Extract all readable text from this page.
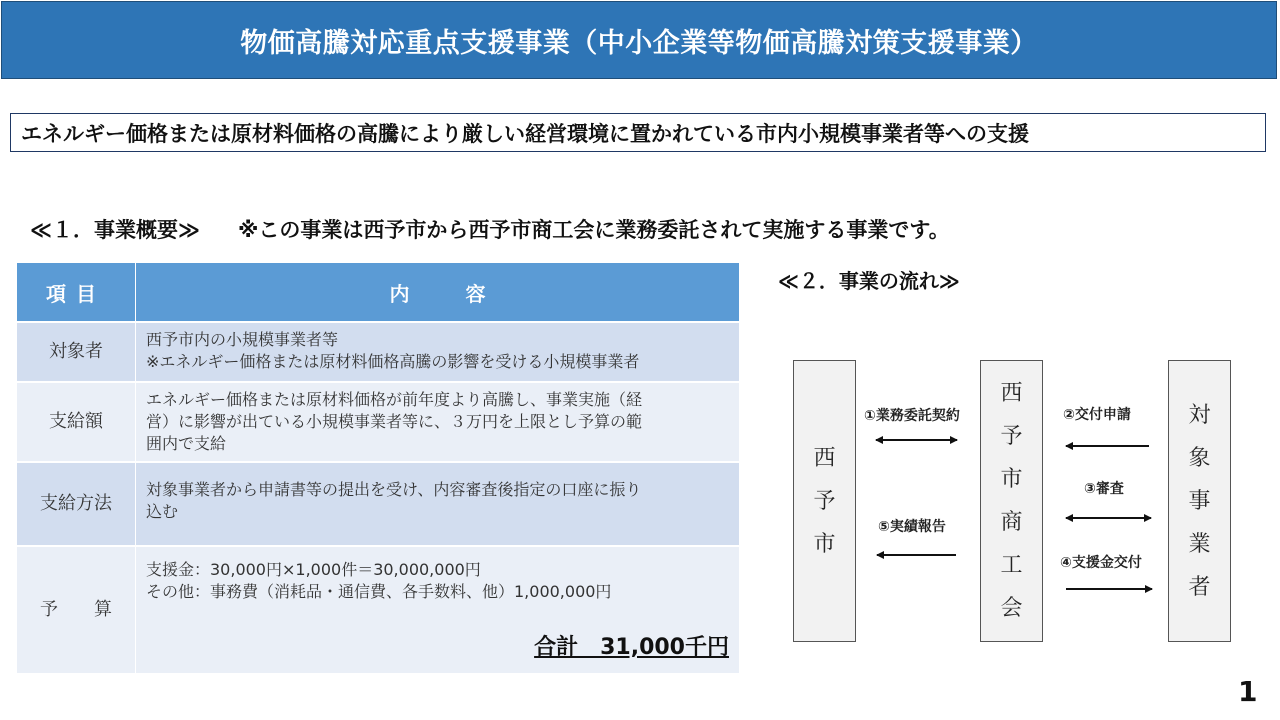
物価高騰対応重点支援事業（中小企業等物価高騰対策支援事業）
エネルギー価格または原材料価格の高騰により厳しい経営環境に置かれている市内小規模事業者等への支援
≪１．事業概要≫ ※この事業は西予市から西予市商工会に業務委託されて実施する事業です。
項目	内 容
対象者	西予市内の小規模事業者等
※エネルギー価格または原材料価格高騰の影響を受ける小規模事業者

支給額	エネルギー価格または原材料価格が前年度より高騰し、事業実施（経
営）に影響が出ている小規模事業者等に、３万円を上限とし予算の範
囲内で支給

支給方法	対象事業者から申請書等の提出を受け、内容審査後指定の口座に振り
込む

予　　算	支援金：30,000円×1,000件＝30,000,000円
その他：事務費（消耗品・通信費、各手数料、他）1,000,000円
合計　31,000千円
≪２．事業の流れ≫
西
予
市
西
予
市
商
工
会
対
象
事
業
者
①業務委託契約	②交付申請
③審査
⑤実績報告
④支援金交付
1
